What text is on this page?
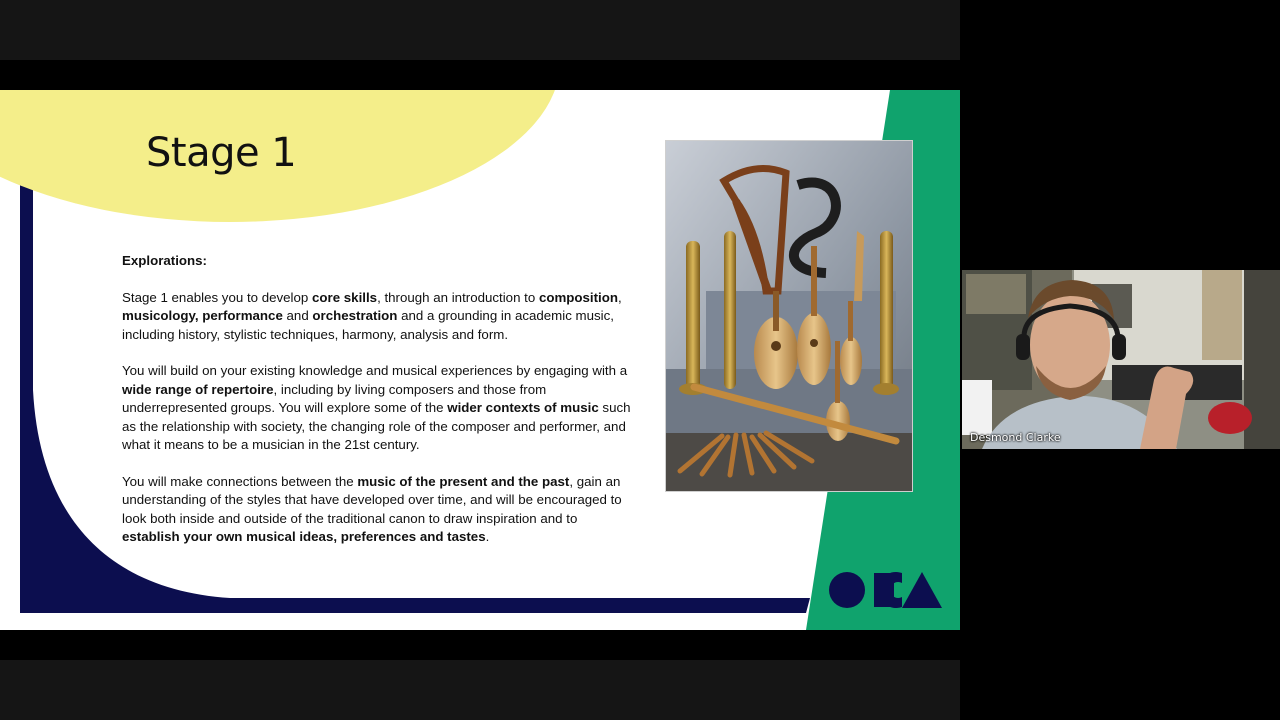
Stage 1

Explorations:

Stage 1 enables you to develop core skills, through an introduction to composition, musicology, performance and orchestration and a grounding in academic music, including history, stylistic techniques, harmony, analysis and form.

You will build on your existing knowledge and musical experiences by engaging with a wide range of repertoire, including by living composers and those from underrepresented groups. You will explore some of the wider contexts of music such as the relationship with society, the changing role of the composer and performer, and what it means to be a musician in the 21st century.

You will make connections between the music of the present and the past, gain an understanding of the styles that have developed over time, and will be encouraged to look both inside and outside of the traditional canon to draw inspiration and to establish your own musical ideas, preferences and tastes.

Desmond Clarke
